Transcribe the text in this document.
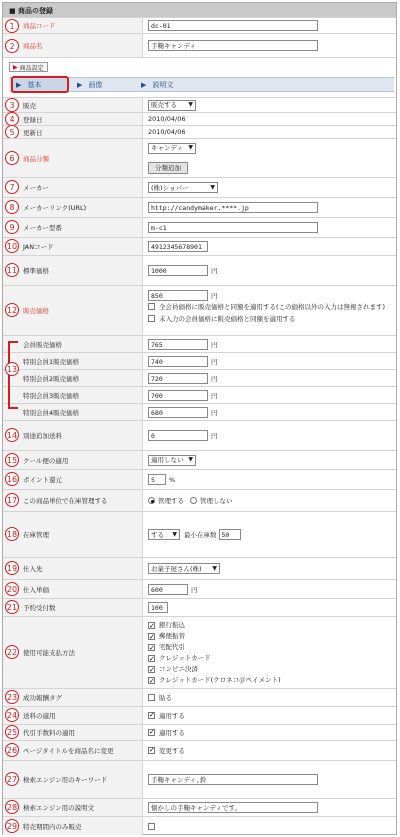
■ 商品の登録
商品コード	dc-01
1
商品名	手鞠キャンディ
2
▶ 商品設定
▶ 基本	▶ 画像	▶ 説明文
販売	販売する ▼
3
登録日	2010/04/06
4
更新日	2010/04/06
5
商品分類
キャンディ ▼
分類追加
6
メーカー	(株)ショパー	▼
7
メーカーリンク(URL)	http://candymaker.****.jp
8
メーカー型番	m-c1
9
JANコード	4912345678901
10
標準価格	1000	円
11
販売価格
850	円
全会員価格に販売価格と同額を適用する(この価格以外の入力は無視されます)
未入力の会員価格に販売価格と同額を適用する
12
会員販売価格	765	円
特別会員1販売価格	740	円
特別会員2販売価格	720	円
特別会員3販売価格	700	円
特別会員4販売価格	680	円
13
別途追加送料	0	円
14
クール便の適用	適用しない ▼
15
ポイント還元	5	%
16
この商品単位で在庫管理する	管理する 管理しない
17
在庫管理	する ▼ 最小在庫数 50
18
仕入先	お菓子屋さん(株) ▼
19
仕入単価	600	円
20
予約受付数	100
21
使用可能支払方法
✓銀行振込
✓郵便振替
✓宅配代引
✓クレジットカード
✓コンビニ決済
✓クレジットカード(クロネコ＠ペイメント)
22
成功報酬タグ	貼る
23
送料の適用 ✓	適用する
24
代引手数料の適用 ✓	適用する
25
ページタイトルを商品名に変更 ✓	変更する
26
検索エンジン用のキーワード	手鞠キャンディ,鈴
27
検索エンジン用の説明文	懐かしの手鞠キャンディです。
28
特売期間内のみ販売
29
